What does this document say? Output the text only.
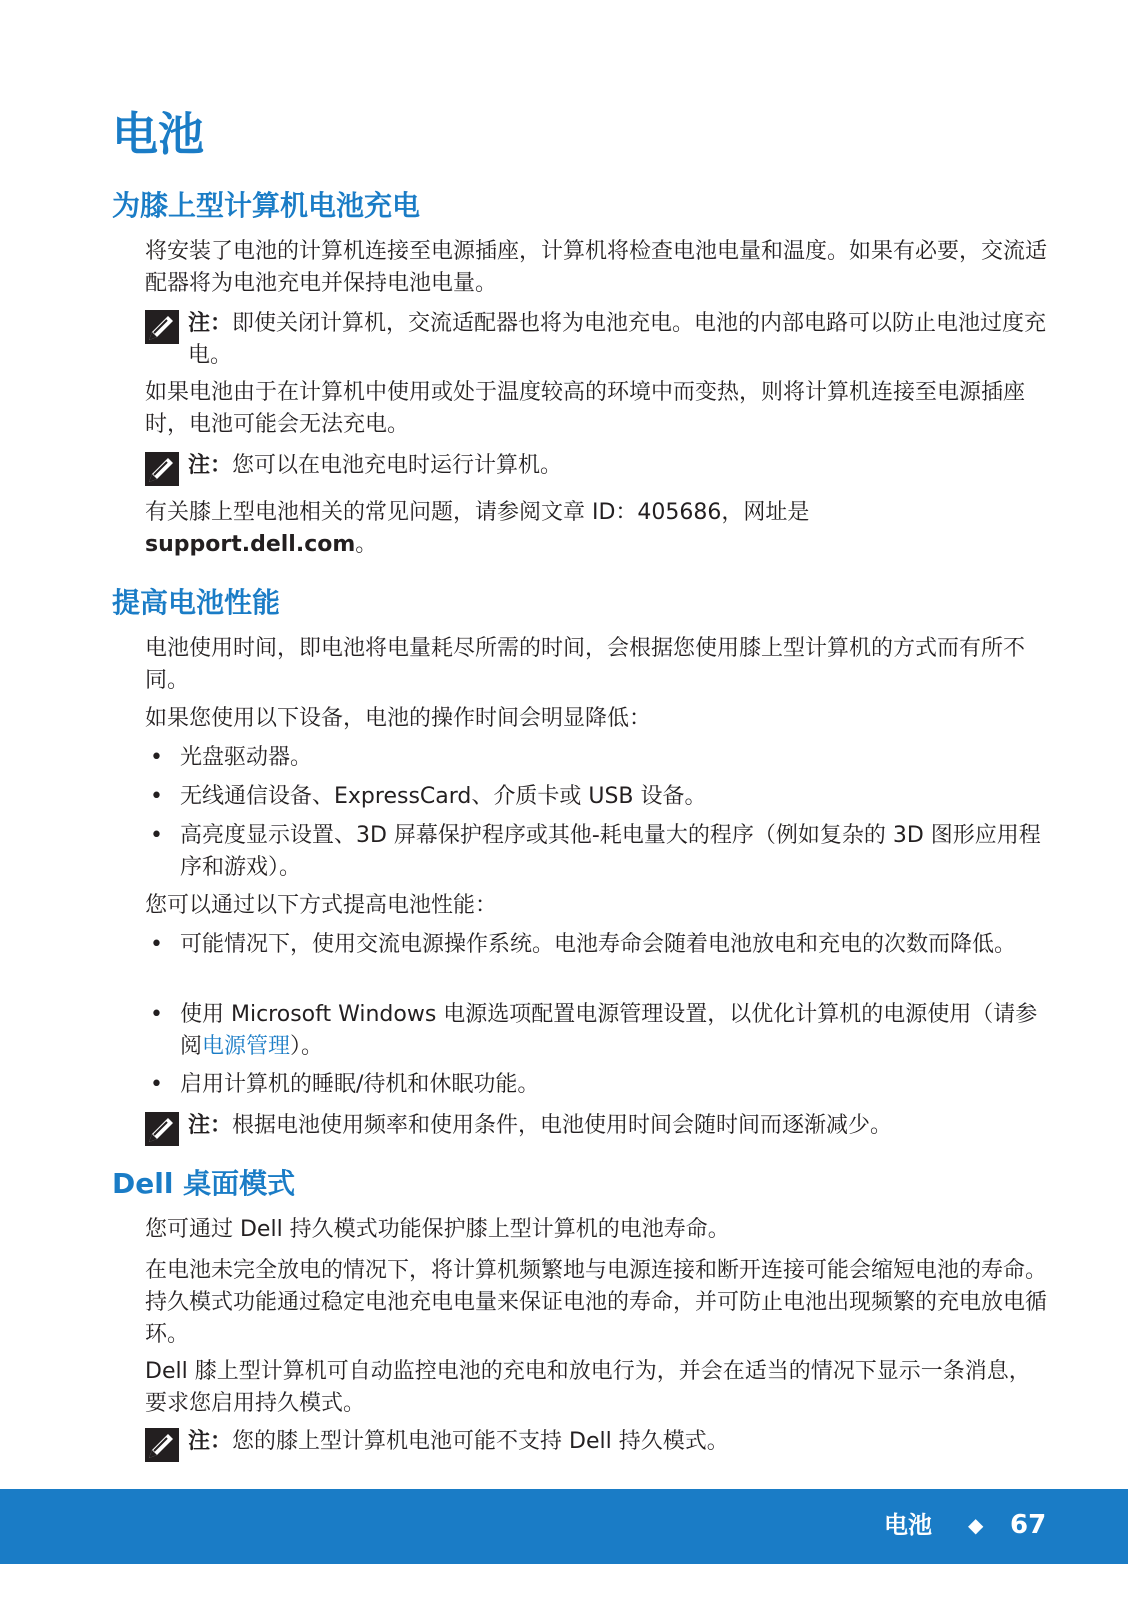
电池
为膝上型计算机电池充电

将安装了电池的计算机连接至电源插座，计算机将检查电池电量和温度。如果有必要，交流适配器将为电池充电并保持电池电量。

注：即使关闭计算机，交流适配器也将为电池充电。电池的内部电路可以防止电池过度充电。

如果电池由于在计算机中使用或处于温度较高的环境中而变热，则将计算机连接至电源插座时，电池可能会无法充电。

注：您可以在电池充电时运行计算机。

有关膝上型电池相关的常见问题，请参阅文章 ID：405686，网址是
support.dell.com。

提高电池性能

电池使用时间，即电池将电量耗尽所需的时间，会根据您使用膝上型计算机的方式而有所不同。

如果您使用以下设备，电池的操作时间会明显降低：

• 光盘驱动器。
• 无线通信设备、ExpressCard、介质卡或 USB 设备。
• 高亮度显示设置、3D 屏幕保护程序或其他-耗电量大的程序（例如复杂的 3D 图形应用程序和游戏）。

您可以通过以下方式提高电池性能：

• 可能情况下，使用交流电源操作系统。电池寿命会随着电池放电和充电的次数而降低。
• 使用 Microsoft Windows 电源选项配置电源管理设置，以优化计算机的电源使用（请参阅电源管理）。
• 启用计算机的睡眠/待机和休眠功能。
注：根据电池使用频率和使用条件，电池使用时间会随时间而逐渐减少。
Dell 桌面模式

您可通过 Dell 持久模式功能保护膝上型计算机的电池寿命。

在电池未完全放电的情况下，将计算机频繁地与电源连接和断开连接可能会缩短电池的寿命。持久模式功能通过稳定电池充电电量来保证电池的寿命，并可防止电池出现频繁的充电放电循环。

Dell 膝上型计算机可自动监控电池的充电和放电行为，并会在适当的情况下显示一条消息，要求您启用持久模式。

注：您的膝上型计算机电池可能不支持 Dell 持久模式。
电池 ◆ 67
